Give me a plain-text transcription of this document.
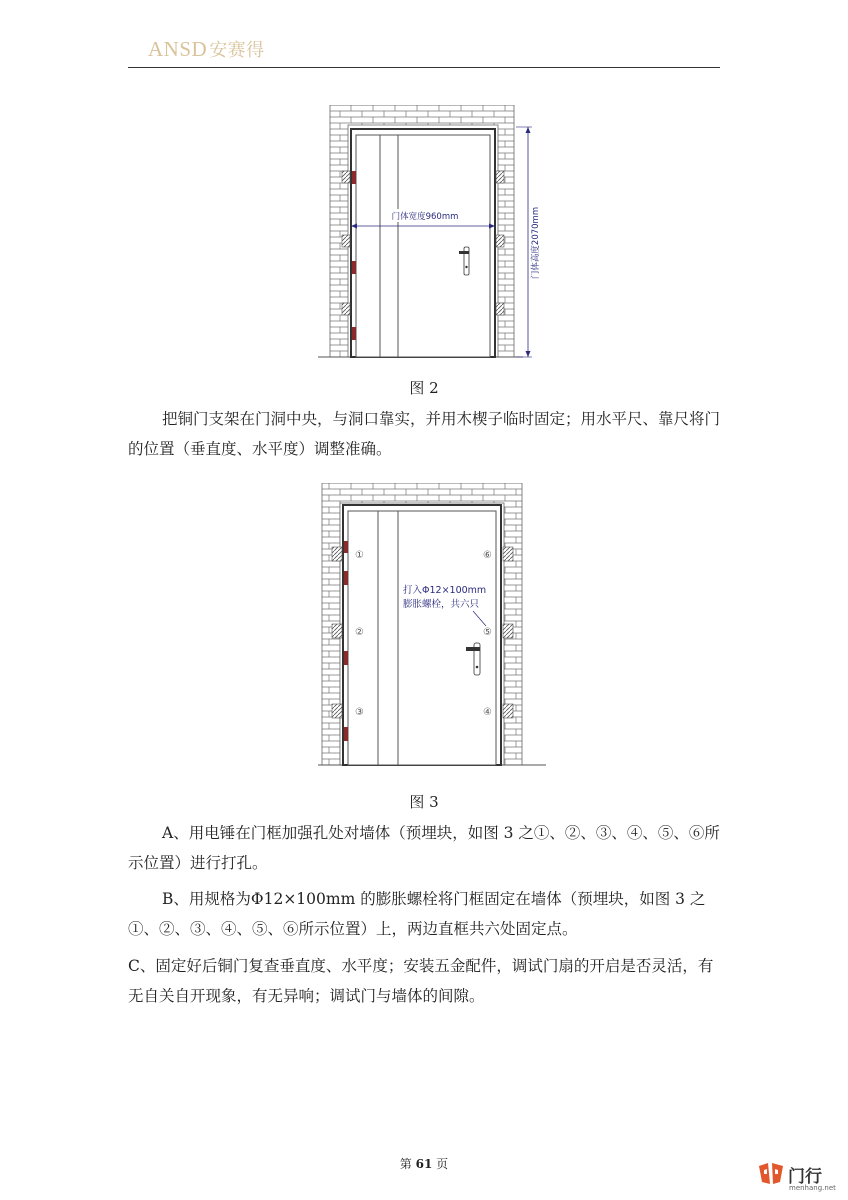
ANSD 安赛得
门体宽度960mm	门体高度2070mm
图 2
把铜门支架在门洞中央，与洞口靠实，并用木楔子临时固定；用水平尺、靠尺将门的位置（垂直度、水平度）调整准确。
①
②
③	④
⑤
⑥
打入Φ12×100mm
膨胀螺栓，共六只
图 3
A、用电锤在门框加强孔处对墙体（预埋块，如图 3 之①、②、③、④、⑤、⑥所示位置）进行打孔。
B、用规格为Φ12×100mm 的膨胀螺栓将门框固定在墙体（预埋块，如图 3 之①、②、③、④、⑤、⑥所示位置）上，两边直框共六处固定点。
C、固定好后铜门复查垂直度、水平度；安装五金配件，调试门扇的开启是否灵活，有无自关自开现象，有无异响；调试门与墙体的间隙。
第 61 页
门行
menhang.net
